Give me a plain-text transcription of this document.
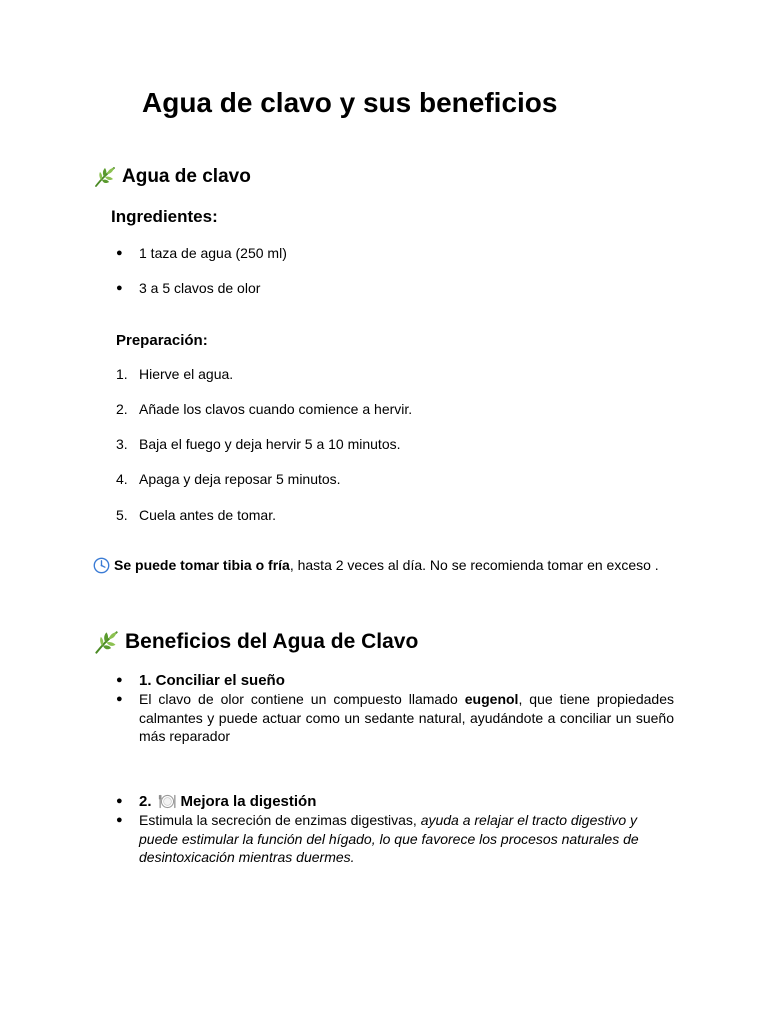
Agua de clavo y sus beneficios
Agua de clavo
Ingredientes:
● 1 taza de agua (250 ml)
● 3 a 5 clavos de olor
Preparación:
1. Hierve el agua.
2. Añade los clavos cuando comience a hervir.
3. Baja el fuego y deja hervir 5 a 10 minutos.
4. Apaga y deja reposar 5 minutos.
5. Cuela antes de tomar.
Se puede tomar tibia o fría, hasta 2 veces al día. No se recomienda tomar en exceso .
Beneficios del Agua de Clavo
● 1. Conciliar el sueño
● El clavo de olor contiene un compuesto llamado eugenol, que tiene propiedades calmantes y puede actuar como un sedante natural, ayudándote a conciliar un sueño más reparador
● 2. Mejora la digestión
● Estimula la secreción de enzimas digestivas, ayuda a relajar el tracto digestivo y puede estimular la función del hígado, lo que favorece los procesos naturales de desintoxicación mientras duermes.
